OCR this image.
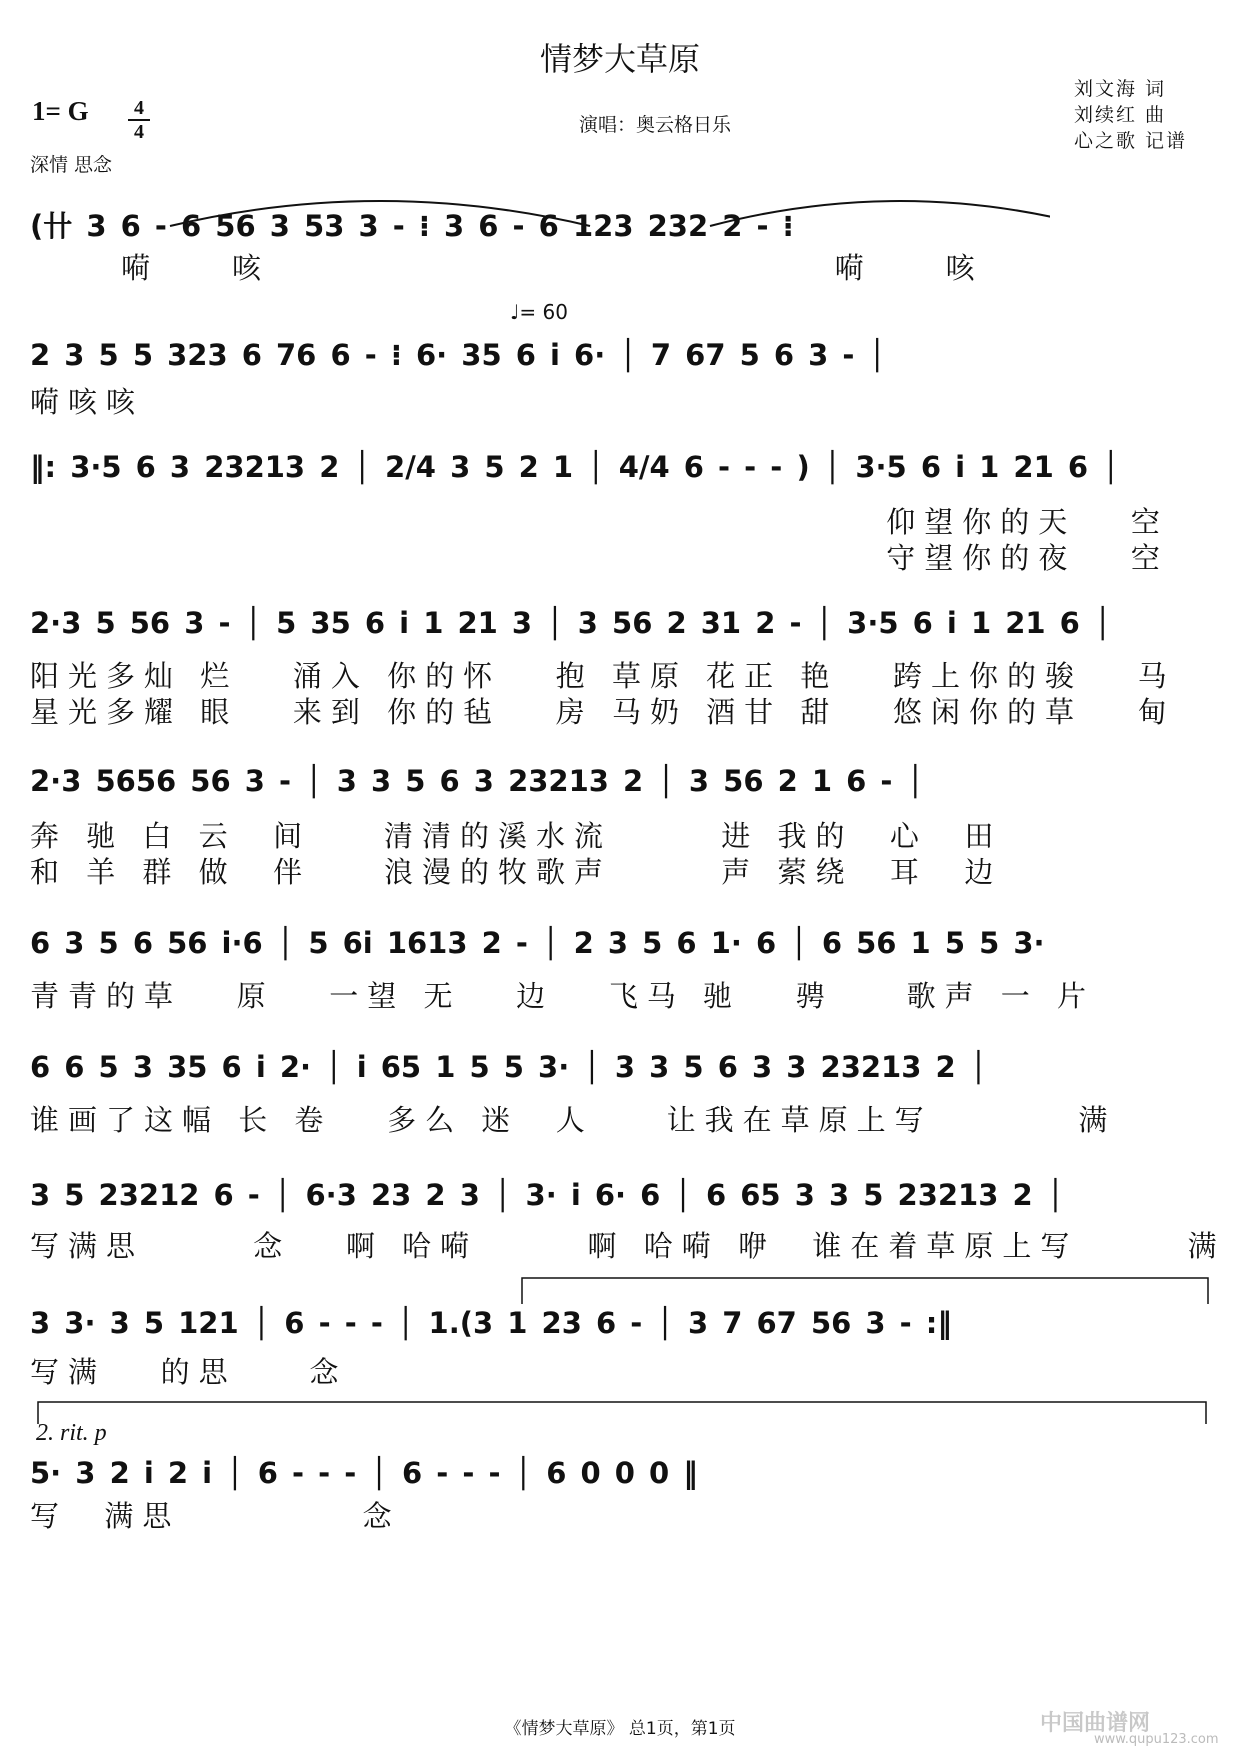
情梦大草原
1= G	4
4
深情 思念
演唱：奥云格日乐
刘文海 词
刘续红 曲
心之歌 记谱
(卄 3 6 - 6 56 3 53 3 - ⁝ 3 6 - 6 123 232 2 - ⁝
嗬    咳                               嗬    咳
♩= 60
2 3 5 5 323 6 76 6 - ⁝ 6· 35 6 i 6· │ 7 67 5 6 3 - │
嗬咳咳
‖: 3·5 6 3 23213 2 │ 2/4 3 5 2 1 │ 4/4 6 - - - ) │ 3·5 6 i 1 21 6 │
仰望你的天   空
守望你的夜   空
2·3 5 56 3 - │ 5 35 6 i 1 21 3 │ 3 56 2 31 2 - │ 3·5 6 i 1 21 6 │
阳光多灿 烂   涌入 你的怀   抱 草原 花正 艳   跨上你的骏   马
星光多耀 眼   来到 你的毡   房 马奶 酒甘 甜   悠闲你的草   甸
2·3 5656 56 3 - │ 3 3 5 6 3 23213 2 │ 3 56 2 1 6 - │
奔 驰 白 云  间    清清的溪水流      进 我的  心  田
和 羊 群 做  伴    浪漫的牧歌声      声 萦绕  耳  边
6 3 5 6 56 i·6 │ 5 6i 1613 2 - │ 2 3 5 6 1· 6 │ 6 56 1 5 5 3·
青青的草   原   一望 无   边   飞马 驰   骋    歌声 一 片
6 6 5 3 35 6 i 2· │ i 65 1 5 5 3· │ 3 3 5 6 3 3 23213 2 │
谁画了这幅 长 卷   多么 迷  人    让我在草原上写        满
3 5 23212 6 - │ 6·3 23 2 3 │ 3· i 6· 6 │ 6 65 3 3 5 23213 2 │
写满思      念   啊 哈嗬      啊 哈嗬 咿  谁在着草原上写      满
3 3· 3 5 121 │ 6 - - - │ 1.(3 1 23 6 - │ 3 7 67 56 3 - :‖
写满   的思    念
2. rit. p
5· 3 2 i 2 i │ 6 - - - │ 6 - - - │ 6 0 0 0 ‖
写  满思          念
《情梦大草原》 总1页，第1页	中国曲谱网
www.qupu123.com
